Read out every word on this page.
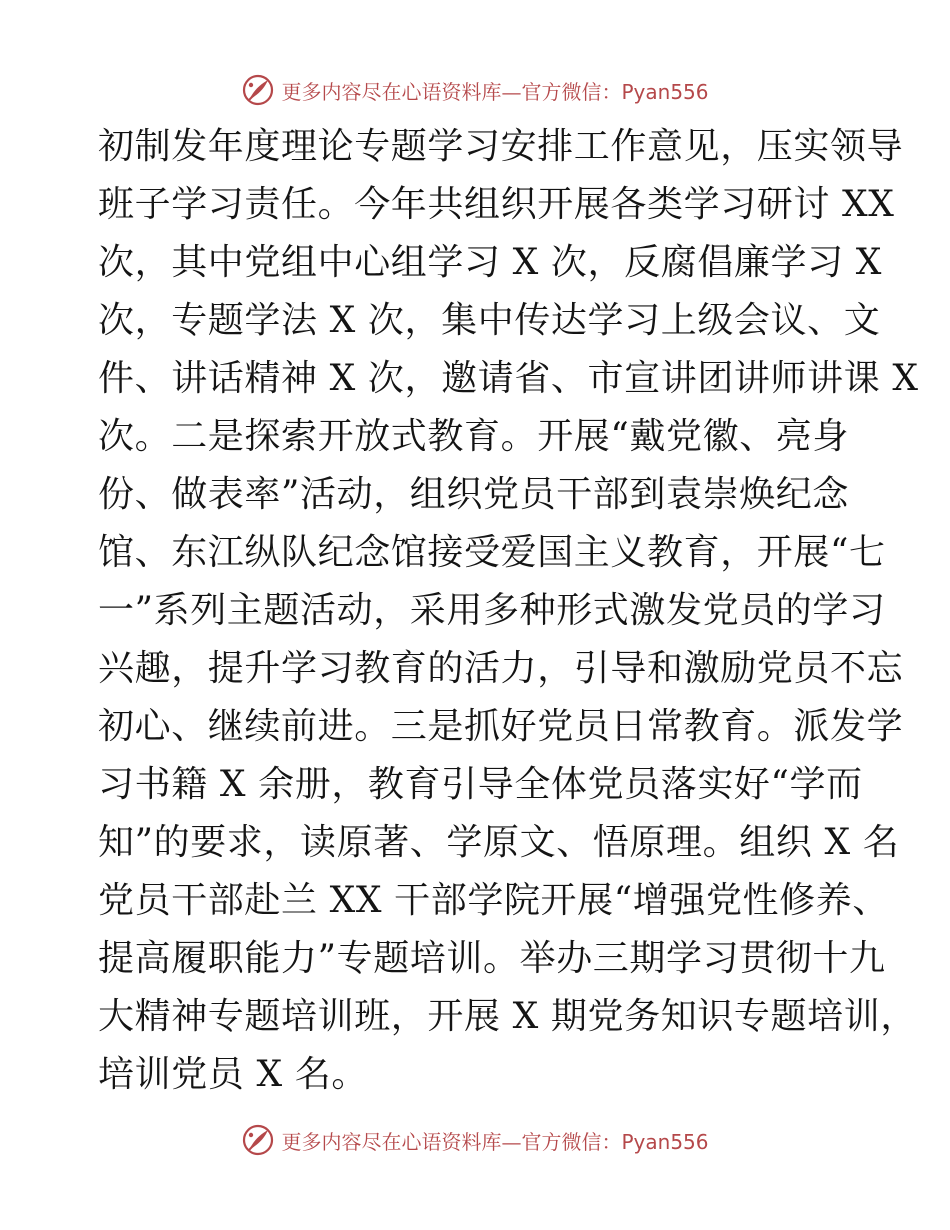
更多内容尽在心语资料库—官方微信：Pyan556
初制发年度理论专题学习安排工作意见，压实领导
班子学习责任。今年共组织开展各类学习研讨 XX
次，其中党组中心组学习 X 次，反腐倡廉学习 X
次，专题学法 X 次，集中传达学习上级会议、文
件、讲话精神 X 次，邀请省、市宣讲团讲师讲课 X
次。二是探索开放式教育。开展“戴党徽、亮身
份、做表率”活动，组织党员干部到袁崇焕纪念
馆、东江纵队纪念馆接受爱国主义教育，开展“七
一”系列主题活动，采用多种形式激发党员的学习
兴趣，提升学习教育的活力，引导和激励党员不忘
初心、继续前进。三是抓好党员日常教育。派发学
习书籍 X 余册，教育引导全体党员落实好“学而
知”的要求，读原著、学原文、悟原理。组织 X 名
党员干部赴兰 XX 干部学院开展“增强党性修养、
提高履职能力”专题培训。举办三期学习贯彻十九
大精神专题培训班，开展 X 期党务知识专题培训，
培训党员 X 名。
更多内容尽在心语资料库—官方微信：Pyan556
